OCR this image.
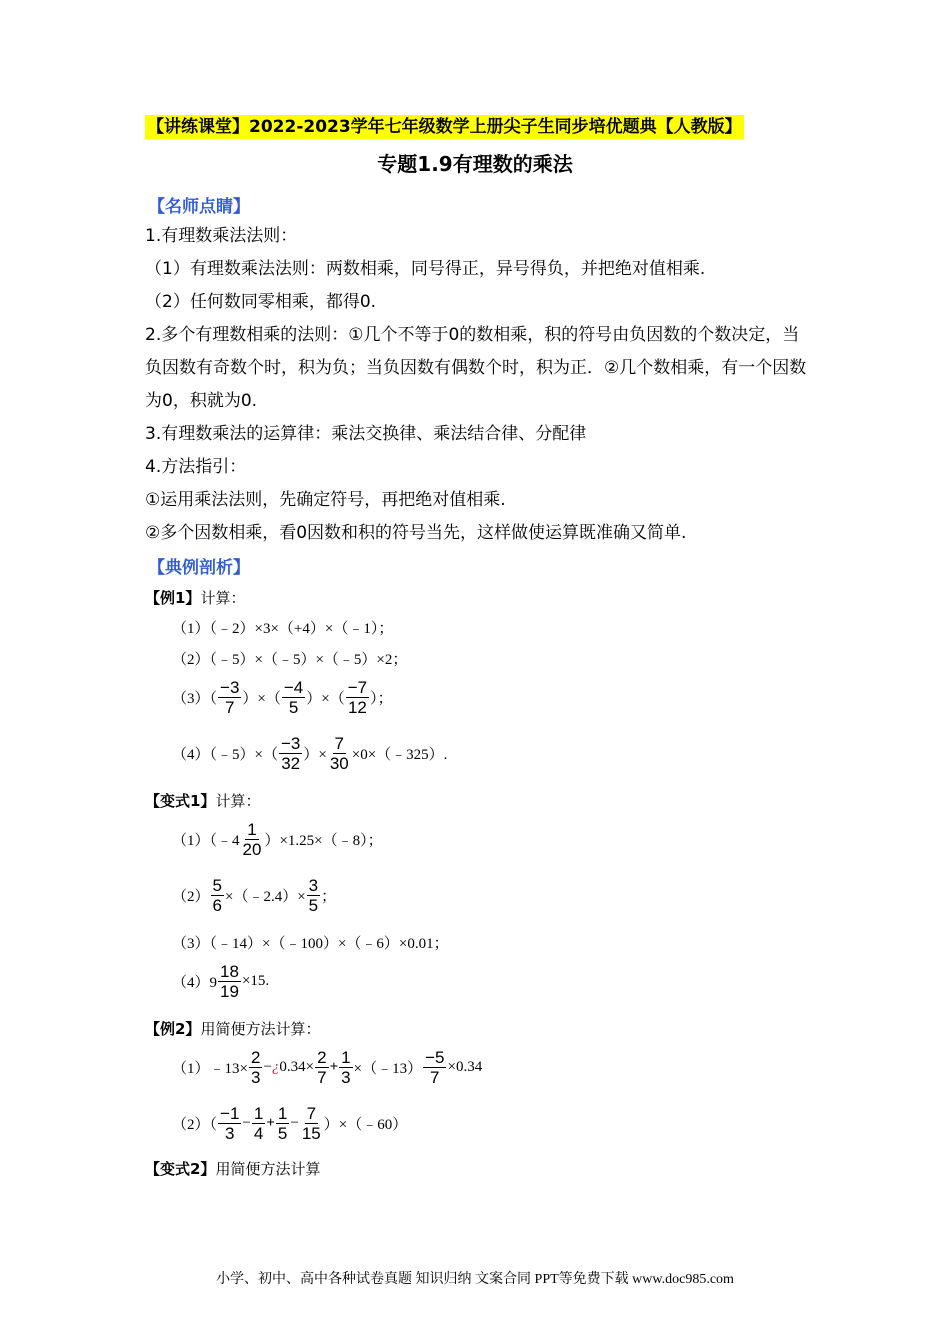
【讲练课堂】2022-2023学年七年级数学上册尖子生同步培优题典【人教版】
专题1.9有理数的乘法
【名师点睛】
1.有理数乘法法则：
（1）有理数乘法法则：两数相乘，同号得正，异号得负，并把绝对值相乘.
（2）任何数同零相乘，都得0.
2.多个有理数相乘的法则：①几个不等于0的数相乘，积的符号由负因数的个数决定，当负因数有奇数个时，积为负；当负因数有偶数个时，积为正．②几个数相乘，有一个因数为0，积就为0.
3.有理数乘法的运算律：乘法交换律、乘法结合律、分配律
4.方法指引：
①运用乘法法则，先确定符号，再把绝对值相乘.
②多个因数相乘，看0因数和积的符号当先，这样做使运算既准确又简单.
【典例剖析】
【例1】计算：
（1）（﹣2）×3×（+4）×（﹣1）；
（2）（﹣5）×（﹣5）×（﹣5）×2；
$(3)( \frac{-3}{7}$ ）×（ $\frac{-4}{5}$ ）×（ $\frac{-7}{12}$ ）；
（4）（﹣5）×（ $\frac{-3}{32}$ ）× $\frac{7}{30}$ ×0×（﹣325）.
【变式1】计算：
（1）（﹣4 $\frac{1}{20}$ ）×1.25×（﹣8）；
$(2) \frac{5}{6}$ ×（﹣2.4）× $\frac{3}{5}$ ；
（3）（﹣14）×（﹣100）×（﹣6）×0.01；
$(4)9 \frac{18}{19} \times 15$.
【例2】用简便方法计算：
（1）﹣13× $\frac{2}{3}$ − ¿ $0.34\times \frac{2}{7} + \frac{1}{3}$ ×（﹣13） $\frac{-5}{7} \times 0.34$
$(2)( \frac{-1}{3} - \frac{1}{4} + \frac{1}{5} - \frac{7}{15}$ ）×（﹣60）
【变式2】用简便方法计算
小学、初中、高中各种试卷真题 知识归纳 文案合同 PPT等免费下载 www.doc985.com
